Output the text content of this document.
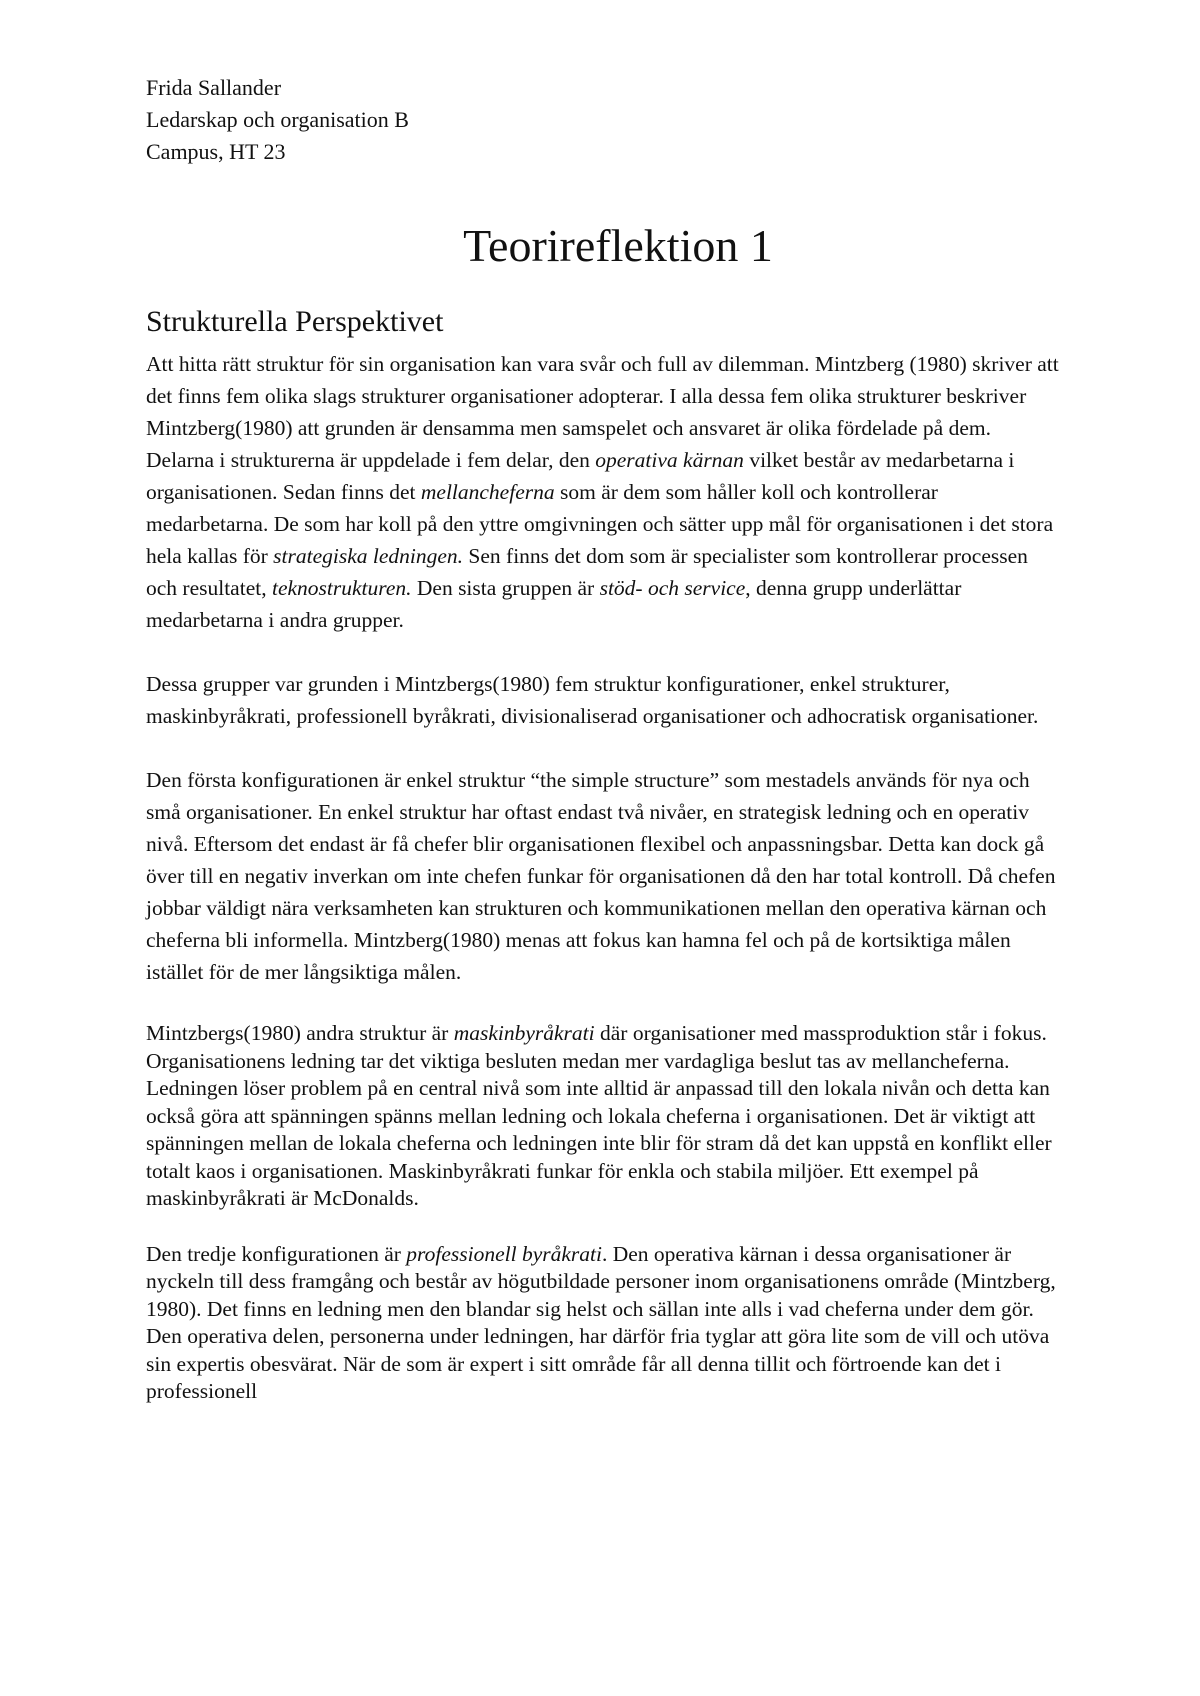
Frida Sallander

Ledarskap och organisation B

Campus, HT 23

Teorireflektion 1
Strukturella Perspektivet

Att hitta rätt struktur för sin organisation kan vara svår och full av dilemman. Mintzberg (1980) skriver att det finns fem olika slags strukturer organisationer adopterar. I alla dessa fem olika strukturer beskriver Mintzberg(1980) att grunden är densamma men samspelet och ansvaret är olika fördelade på dem. Delarna i strukturerna är uppdelade i fem delar, den operativa kärnan vilket består av medarbetarna i organisationen. Sedan finns det mellancheferna som är dem som håller koll och kontrollerar medarbetarna. De som har koll på den yttre omgivningen och sätter upp mål för organisationen i det stora hela kallas för strategiska ledningen. Sen finns det dom som är specialister som kontrollerar processen och resultatet, teknostrukturen. Den sista gruppen är stöd- och service, denna grupp underlättar medarbetarna i andra grupper.

Dessa grupper var grunden i Mintzbergs(1980) fem struktur konfigurationer, enkel strukturer, maskinbyråkrati, professionell byråkrati, divisionaliserad organisationer och adhocratisk organisationer.

Den första konfigurationen är enkel struktur “the simple structure” som mestadels används för nya och små organisationer. En enkel struktur har oftast endast två nivåer, en strategisk ledning och en operativ nivå. Eftersom det endast är få chefer blir organisationen flexibel och anpassningsbar. Detta kan dock gå över till en negativ inverkan om inte chefen funkar för organisationen då den har total kontroll. Då chefen jobbar väldigt nära verksamheten kan strukturen och kommunikationen mellan den operativa kärnan och cheferna bli informella. Mintzberg(1980) menas att fokus kan hamna fel och på de kortsiktiga målen istället för de mer långsiktiga målen.

Mintzbergs(1980) andra struktur är maskinbyråkrati där organisationer med massproduktion står i fokus. Organisationens ledning tar det viktiga besluten medan mer vardagliga beslut tas av mellancheferna. Ledningen löser problem på en central nivå som inte alltid är anpassad till den lokala nivån och detta kan också göra att spänningen spänns mellan ledning och lokala cheferna i organisationen. Det är viktigt att spänningen mellan de lokala cheferna och ledningen inte blir för stram då det kan uppstå en konflikt eller totalt kaos i organisationen. Maskinbyråkrati funkar för enkla och stabila miljöer. Ett exempel på maskinbyråkrati är McDonalds.

Den tredje konfigurationen är professionell byråkrati. Den operativa kärnan i dessa organisationer är nyckeln till dess framgång och består av högutbildade personer inom organisationens område (Mintzberg, 1980). Det finns en ledning men den blandar sig helst och sällan inte alls i vad cheferna under dem gör. Den operativa delen, personerna under ledningen, har därför fria tyglar att göra lite som de vill och utöva sin expertis obesvärat. När de som är expert i sitt område får all denna tillit och förtroende kan det i professionell
